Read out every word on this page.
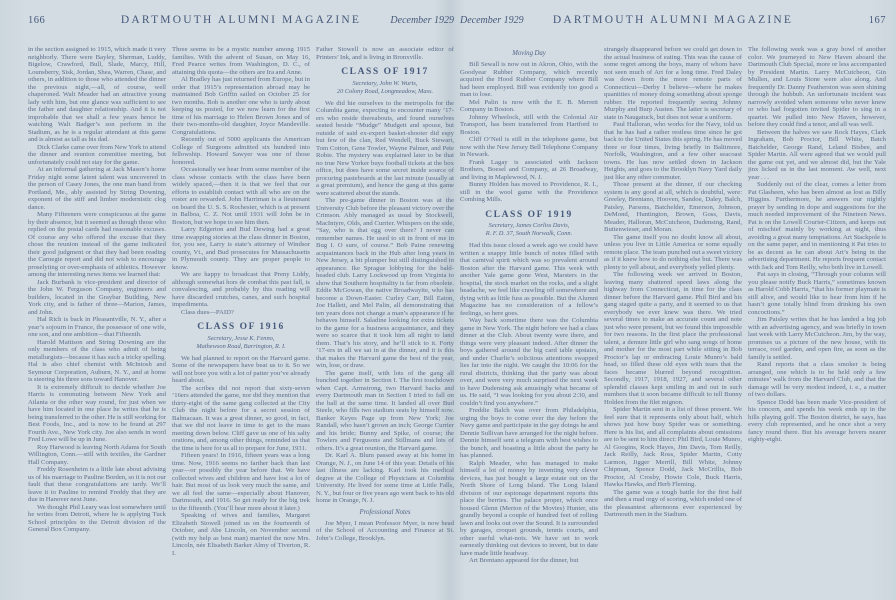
166	DARTMOUTH ALUMNI MAGAZINE	December 1929

in the section assigned to 1915, which made it very neighborly. There were Bayley, Sherman, Luddy, Bigelow, Crawford, Bull, Slade, Marcy, Hill, Lounsberry, Sisk, Jordan, Shea, Warren, Chase, and others, in addition to those who attended the dinner the previous night,—all, of course, well chaperoned. Walt Meader had an attractive young lady with him, but one glance was sufficient to see the father and daughter relationship. And it is not improbable that we shall a few years hence be watching Walt Badger’s son perform in the Stadium, as he is a regular attendant at this game and is almost as tall as his dad.

Dick Clarke came over from New York to attend the dinner and reunion committee meeting, but unfortunately could not stay for the game.

At an informal gathering at Jack Mason’s home Friday night some latent talent was uncovered in the person of Casey Jones, the one man band from Portland, Me., ably assisted by String Downing, exponent of the stiff and limber modernistic clog dance.

Many Fifteeners were conspicuous at the game by their absence, but it seemed as though those who replied on the postal cards had reasonable excuses. Of course any who offered the excuse that they chose the reunion instead of the game indicated their good judgment or that they had been reading the Carnegie report and did not wish to encourage proselyting or over-emphasis of athletics. However among the interesting news items we learned that:

Jack Burbank is vice-president and director of the John W. Ferguson Company, engineers and builders, located in the Graybar Building, New York city, and is father of three—Marion, James, and John.

Hal Rich is back in Pleasantville, N. Y., after a year’s sojourn in France, the possessor of one wife, one son, and one ambition—that Fifteenth.

Harold Mattison and String Downing are the only members of the class who admit of being metallurgists—because it has such a tricky spelling. Hal is also chief chemist with McIntosh and Seymour Corporation, Auburn, N. Y., and at home is steering his three sons toward Hanover.

It is extremely difficult to decide whether Joe Harris is commuting between New York and Atlanta or the other way round, for just when we have him located in one place he writes that he is being transferred to the other. He is still working for Best Foods, Inc., and is now to be found at 297 Fourth Ave., New York city. Joe also sends in word Fred Lowe will be up in June.

Roy Harwood is leaving North Adams for South Willington, Conn.—still with textiles, the Gardner Hall Company.

Freddy Rosenheim is a little late about advising us of his marriage to Pauline Borden, so it is not our fault that these congratulations are tardy. We’ll leave it to Pauline to remind Freddy that they are due in Hanover next June.

We thought Phil Leary was lost somewhere until he writes from Detroit, where he is applying Tuck School principles to the Detroit division of the General Box Company.

Three seems to be a mystic number among 1915 families. With the advent of Susan, on May 16, Fred Pearce writes from Washington, D. C., of attaining this quota—the others are Ira and Anne.

Al Bradley has just returned from Europe, but in order that 1915’s representation abroad may be maintained Bob Griffin sailed on October 25 for two months. Bob is another one who is tardy about keeping us posted, for we now learn for the first time of his marriage to Helen Brown Jones and of their two-months-old daughter, Joyce Mandeville. Congratulations.

Recently out of 5000 applicants the American College of Surgeons admitted six hundred into fellowship. Howard Sawyer was one of those honored.

Occasionally we hear from some member of the class whose contacts with the class have been widely spaced,—then it is that we feel that our efforts to establish contact with all who are on the roster are rewarded. John Harriman is a lieutenant on board the U. S. S. Rochester, which is at present in Balboa, C. Z. Not until 1931 will John be in Boston, but we hope to see him then.

Larry Edgerton and Bud Dewing had a great time swapping stories at the class dinner in Boston, for, you see, Larry is state’s attorney of Windsor county, Vt., and Bud prosecutes for Massachusetts in Plymouth county. They are proper people to know.

We are happy to broadcast that Preny Liddy, although somewhat hors de combat this past fall, is convalescing, and probably by this reading will have discarded crutches, canes, and such hospital impedimenta.

Class dues—PAID?

CLASS OF 1916
Secretary, Jesse K. Fenno,
Mathewson Road, Barrington, R. I.

We had planned to report on the Harvard game. Some of the newspapers have beat us to it. So we will not bore you with a lot of patter you’ve already heard about.

The scribes did not report that sixty-seven ’16ers attended the game, nor did they mention that thirty-eight of the same gang collected at the City Club the night before for a secret session of Balmacaan. It was a great dinner, so good, in fact, that we did not leave in time to get to the mass meeting down below. Cliff gave us one of his salty orations, and, among other things, reminded us that the time is here for us all to prepare for June, 1931.

Fifteen years! In 1916, fifteen years was a long time. Now, 1916 seems no farther back than last year—or possibly the year before that. We have collected wives and children and have lost a lot of hair. But most of us look very much the same, and we all feel the same—especially about Hanover, Dartmouth, and 1916. So get ready for the big trek to the fifteenth. (You’ll hear more about it later.)

Speaking of wives and families, Margaret Elizabeth Stowell joined us on the fourteenth of October, and Abe Lincoln, on November second (with my help as best man) married the now Mrs. Lincoln, née Elisabeth Barker Almy of Tiverton, R. I.

Father Stowell is now an associate editor of Printers’ Ink, and is living in Bronxville.

CLASS OF 1917
Secretary, John W. Wurts,
20 Colony Road, Longmeadow, Mass.

We did hie ourselves to the metropolis for the Columbia game, expecting to encounter many ’17-ers who reside thereabouts, and found ourselves seated beside “Mudge” Mudgett and spouse, but outside of said ex-expert basket-shooter did espy but few of the clan, Red Wendell, Buck Stewart, Tom Cotton, Gene Towler, Wayne Palmer, and Pete Robie. The mystery was explained later to be that no true New Yorker buys football tickets at the box office, but does have some secret inside source of procuring pasteboards at the last minute (usually at a great premium), and hence the gang at this game were scattered about the stands.

The pre-game dinner in Boston was at the University Club before the pleasant victory over the Crimson. Ably managed as usual by Stockwell, MacIntyre, Olds, and Currier. Whispers on the side, “Say, who is that egg over there? I never can remember names. He used to sit in front of me in Bug I. O sure, of course.” Bob Paine renewing acquaintances back in the Hub after long years in New Jersey, a bit plumper but still distinguished in appearance. Ike Sprague lobbying for the bald-headed club. Larry Lockwood up from Virginia to show that Southern hospitality is far from obsolete. Eddie McGowan, the native Broadwayite, who has become a Down-Easter. Curley Carr, Bill Eaton, Joe Hallett, and Mel Palin, all demonstrating that ten years does not change a man’s appearance if he behaves himself. Saladine looking for extra tickets to the game for a business acquaintance, and they were so scarce that it took him all night to land them. That’s his story, and he’ll stick to it. Forty ’17-ers in all we sat in at the dinner, and it is this that makes the Harvard game the best of the year, win, lose, or draw.

The game itself, with lots of the gang all bunched together in Section I. The first touchdown when Capt. Armstrong, two Harvard backs and every Dartmouth man in Section I tried to fall on the ball at the same time. It landed all over Bud Steele, who fills two stadium seats by himself now. Banker Keyes Page up from New York; Joe Randall, who hasn’t grown an inch; George Currier and his bride; Bunny and Spike, of course; the Towlers and Fergusons and Stillmans and lots of others. It’s a great reunion, the Harvard game.

Dr. Karl A. Blum passed away at his home in Orange, N. J., on June 14 of this year. Details of his last illness are lacking. Karl took his medical degree at the College of Physicians at Columbia University. He lived for some time at Little Falls, N. Y., but four or five years ago went back to his old home in Orange, N. J.

Professional Notes

Joe Myer, I mean Professor Myer, is now head of the School of Accounting and Finance at St. John’s College, Brooklyn.

December 1929	DARTMOUTH ALUMNI MAGAZINE	167
Moving Day

Bill Sewall is now out in Akron, Ohio, with the Goodyear Rubber Company, which recently acquired the Hood Rubber Company where Bill had been employed. Bill was evidently too good a man to lose.

Mel Palin is now with the E. B. Merrett Company in Boston.

Johnny Wheelock, still with the Colonial Air Transport, has been transferred from Hartford to Boston.

Cliff O’Neil is still in the telephone game, but now with the New Jersey Bell Telephone Company in Newark.

Frank Lagay is associated with Jackson Brothers, Boesel and Company, at 26 Broadway, and living in Maplewood, N. J.

Bunny Holden has moved to Providence, R. I., still in the wool game with the Providence Combing Mills.

CLASS OF 1919
Secretary, James Corliss Davis,
R. F. D. 37, South Norwalk, Conn.

Had this issue closed a week ago we could have written a snappy little bunch of notes filled with that carnival spirit which was so prevalent around Boston after the Harvard game. This week with another Yale game gone West, Marsters in the hospital, the stock market on the rocks, and a slight headache, we feel like crawling off somewhere and dying with as little fuss as possible. But the Alumni Magazine has no consideration of a fellow’s feelings, so here goes.

Way back sometime there was the Columbia game in New York. The night before we had a class dinner at the Club. About twenty were there, and things were very pleasant indeed. After dinner the boys gathered around the big card table upstairs, and under Charlie’s solicitous attentions swapped lies far into the night. We caught the 10:06 for the rural districts, thinking that the party was about over, and were very much surprised the next week to have Dudensing ask amusingly what became of us. He said, “I was looking for you about 2:30, and couldn’t find you anywhere.”

Freddie Balch was over from Philadelphia, urging the boys to come over the day before the Navy game and participate in the gay doings he and Dennie Sullivan have arranged for the night before. Dennie himself sent a telegram with best wishes to the bunch, and boasting a little about the party he has planned.

Ralph Meader, who has managed to make himself a lot of money by inventing very clever devices, has just bought a large estate out on the North Shore of Long Island. The Long Island division of our espionage department reports this place the berries. The palace proper, which once housed Glenn (Merton of the Movies) Hunter, sits grandly beyond a couple of hundred feet of rolling lawn and looks out over the Sound. It is surrounded by garages, croquet grounds, tennis courts, and other useful what-nots. We have set to work earnestly thinking out devices to invent, but to date have made little headway.

Art Brentano appeared for the dinner, but

strangely disappeared before we could get down to the actual business of eating. This was the cause of some regret among the boys, many of whom have not seen much of Art for a long time. Fred Daley was down from the more remote parts of Connecticut—Derby I believe—where he makes quantities of money doing something about sponge rubber. He reported frequently seeing Johnny Murphy and Burp Austen. The latter is secretary of state in Naugatuck, but does not wear a uniform.

Paul Halloran, who works for the Navy, told us that he has had a rather restless time since he got back to the United States this spring. He has moved three or four times, living briefly in Baltimore, Norfolk, Washington, and a few other seacoast towns. He has now settled down in Jackson Heights, and goes to the Brooklyn Navy Yard daily just like any other commuter.

Those present at the dinner, if our checking system is any good at all, which is doubtful, were: Greeley, Brentano, Hooven, Sandoe, Daley, Balch, Paisley, Parsons, Batchelder, Emerson, Johnson, DeMond, Huntington, Brown, Goss, Davis, Meader, Halloran, McCutcheon, Dudensing, Rand, Buttenwieser, and Moran.

The game itself you no doubt know all about, unless you live in Little America or some equally remote place. The team punched out a sweet victory as if it knew how to do nothing else but. There was plenty to yell about, and everybody yelled plenty.

The following week we arrived in Boston, leaving many shattered speed laws along the highway from Connecticut, in time for the class dinner before the Harvard game. Phil Bird and his gang staged quite a party, and it seemed to us that everybody we ever knew was there. We tried several times to make an accurate count and note just who were present, but we found this impossible for two reasons. In the first place the professional talent, a demure little girl who sang songs of home and mother for the most part while sitting in Bob Proctor’s lap or embracing Louie Munro’s bald head, so filled these old eyes with tears that the faces became blurred beyond recognition. Secondly, 1917, 1918, 1927, and several other splendid classes kept smiling in and out in such numbers that it soon became difficult to tell Bunny Holden from the filet mignon.

Spider Martin sent in a list of those present. We feel sure that it represents only about half, which shows just how busy Spider was or something. Here is his list, and all complaints about omissions are to be sent to him direct: Phil Bird, Louie Munro, Al Googins, Rock Hayes, Jim Davis, Tom Reilly, Jack Reilly, Jack Ross, Spider Martin, Cotty Larmon, Jigger Merrill, Bill White, Johnny Chipman, Spence Dodd, Jack McCrillis, Bob Proctor, Al Crosby, Howie Cole, Buck Harris, Hawka Hawks, and Herb Fleming.

The game was a tough battle for the first half and then a mad orgy of scoring, which ended one of the pleasantest afternoons ever experienced by Dartmouth men in the Stadium.

The following week was a gray howl of another color. We journeyed to New Haven aboard the Dartmouth Club Special, more or less accompanied by President Martin. Larry McCutcheon, Gin Mullen, and Louis Stone were also along. And frequently Dr. Danny Featherston was seen shining through the hubbub. An unfortunate incident was narrowly avoided when someone who never knew or who had forgotten invited Spider to sing in a quartet. We pulled into New Haven, however, before they could find a tenor, and all was well.

Between the halves we saw Rock Hayes, Clark Ingraham, Bob Proctor, Bill White, Batch Batchelder, George Rand, Leland Bisbee, and Spider Martin. All were agreed that we would pull the game out yet, and we almost did, but the Yale jinx licked us in the last moment. Aw well, next year . . .

Suddenly out of the clear, comes a letter from Pat Glasheen, who has been almost as lost as Billy Higgins. Furthermore, he answers our nightly prayer by sending in dope and suggestions for the much needed improvement of the Nineteen News. Pat is on the Lowell Courier-Citizen, and keeps out of mischief mainly by working at night, thus avoiding a great many temptations. Art Stackpole is on the same paper, and in mentioning it Pat tries to be as decent as he can about Art’s being in the advertising department. He reports frequent contact with Jack and Tom Reilly, who both live in Lowell.

Pat says in closing, “Through your column will you please notify Buck Harris,” sometimes known as Harold Cobb Harris, “that his former playmate is still alive, and would like to hear from him if he hasn’t gone totally blind from drinking his own concoctions.”

Jim Paisley writes that he has landed a big job with an advertising agency, and was briefly in town last week with Larry McCutcheon. Jim, by the way, promises us a picture of the new house, with its terrace, roof garden, and open fire, as soon as the family is settled.

Rand reports that a class smoker is being arranged, one which is to be held only a few minutes’ walk from the Harvard Club, and that the damage will be very modest indeed, i. e., a matter of two dollars.

Spence Dodd has been made Vice-president of his concern, and spends his week ends up in the hills playing golf. The Boston district, he says, has every club represented, and he once shot a very fancy round there. But his average hovers nearer eighty-eight.
